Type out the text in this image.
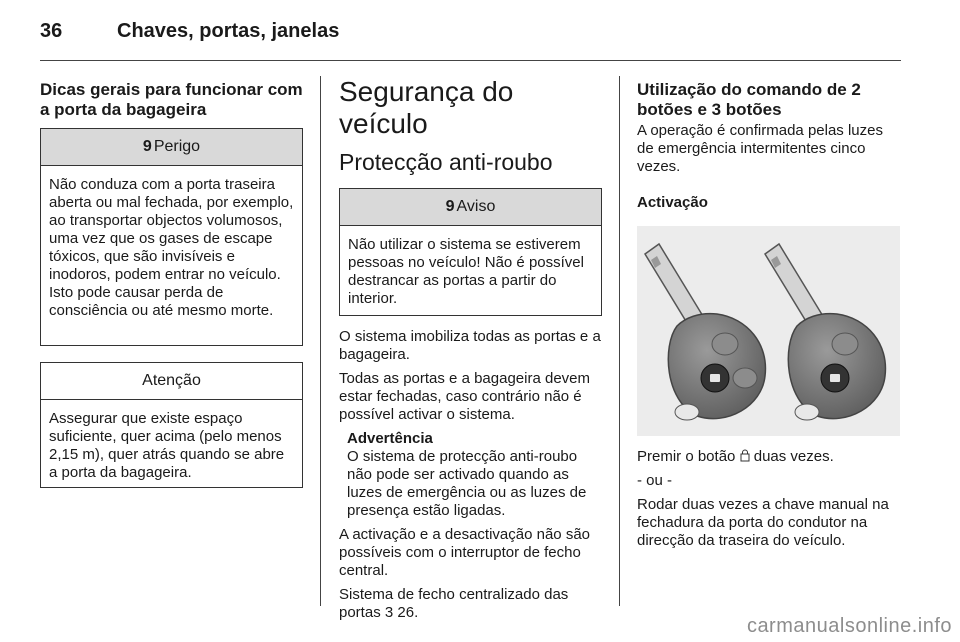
36	Chaves, portas, janelas

Dicas gerais para funcionar com a porta da bagageira

9 Perigo
Não conduza com a porta traseira aberta ou mal fechada, por exemplo, ao transportar objectos volumosos, uma vez que os gases de escape tóxicos, que são invisíveis e inodoros, podem entrar no veículo. Isto pode causar perda de consciência ou até mesmo morte.
Atenção
Assegurar que existe espaço suficiente, quer acima (pelo menos 2,15 m), quer atrás quando se abre a porta da bagageira.

Segurança do veículo

Protecção anti-roubo

9 Aviso
Não utilizar o sistema se estiverem pessoas no veículo! Não é possível destrancar as portas a partir do interior.

O sistema imobiliza todas as portas e a bagageira.

Todas as portas e a bagageira devem estar fechadas, caso contrário não é possível activar o sistema.

Advertência
O sistema de protecção anti-roubo não pode ser activado quando as luzes de emergência ou as luzes de presença estão ligadas.

A activação e a desactivação não são possíveis com o interruptor de fecho central.

Sistema de fecho centralizado das portas 3 26.

Utilização do comando de 2 botões e 3 botões

A operação é confirmada pelas luzes de emergência intermitentes cinco vezes.

Activação

Premir o botão duas vezes.

- ou -

Rodar duas vezes a chave manual na fechadura da porta do condutor na direcção da traseira do veículo.

carmanualsonline.info
